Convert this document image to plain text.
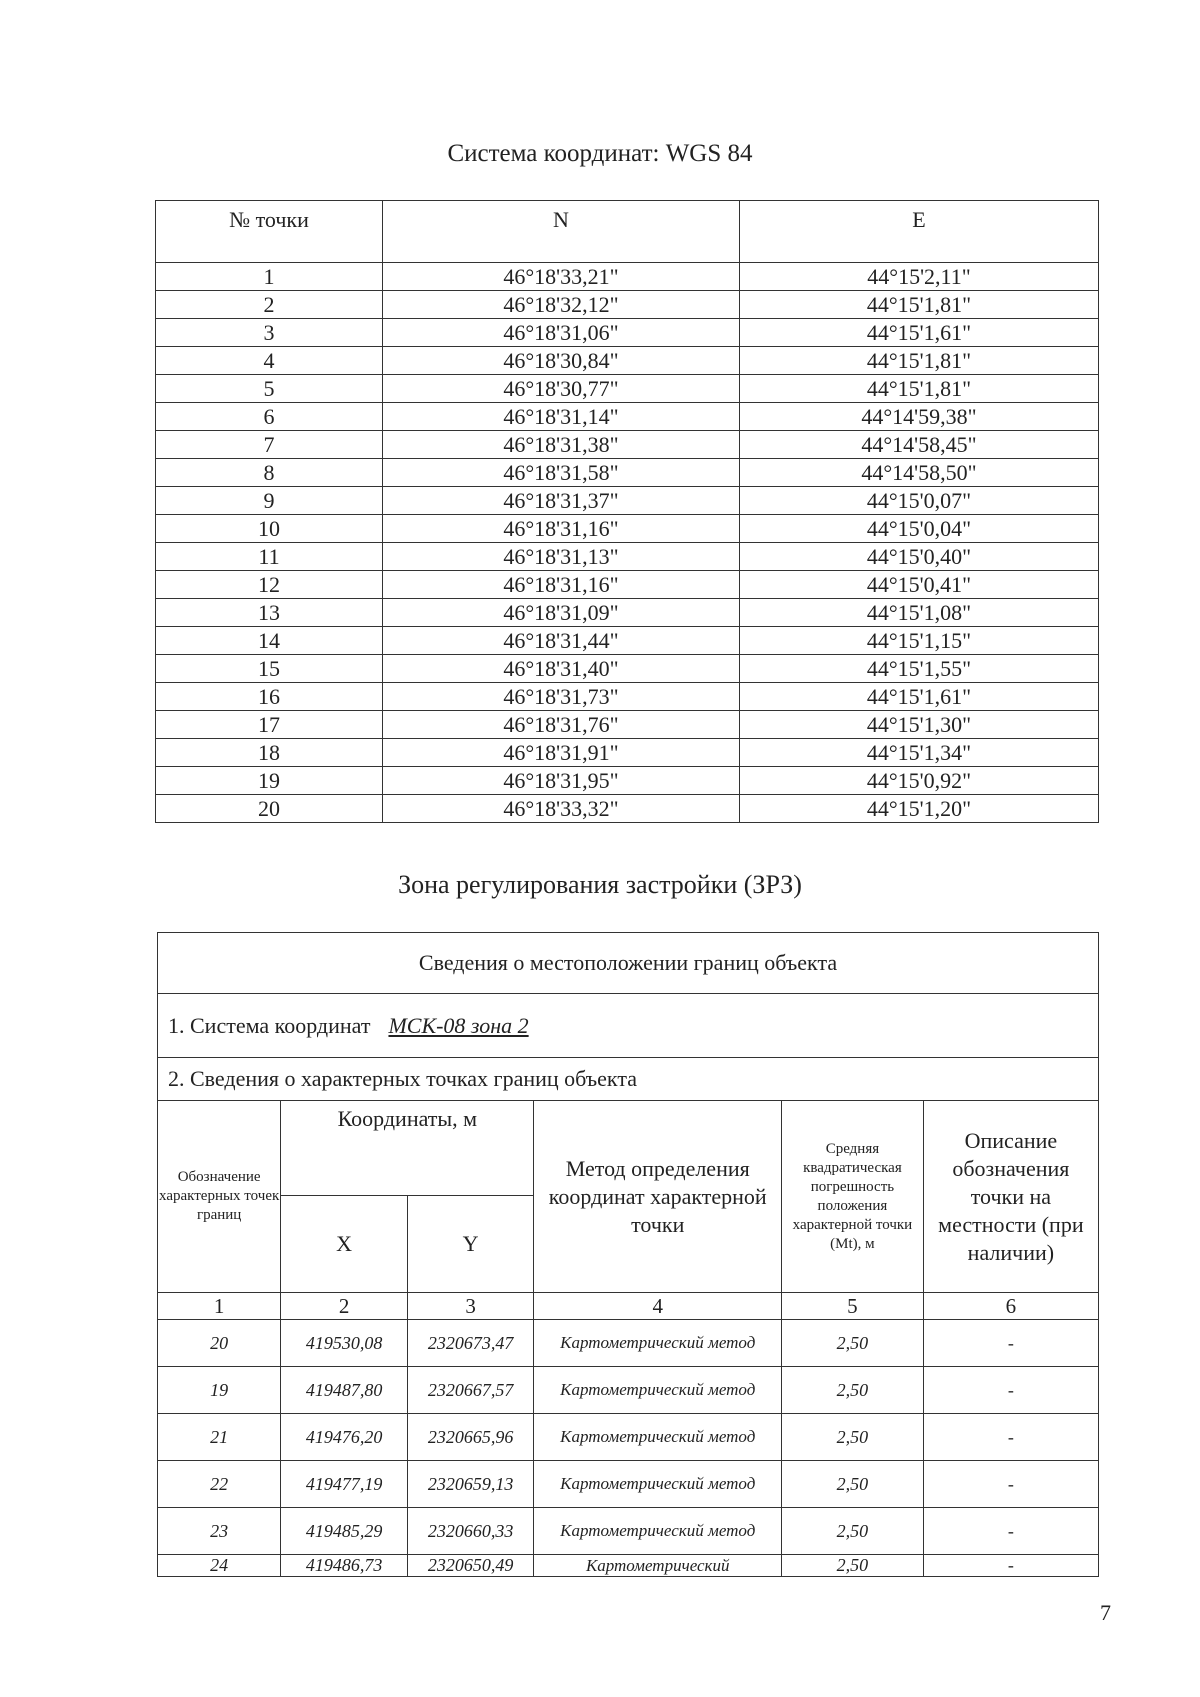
Система координат: WGS 84
№ точки	N	E
1	46°18'33,21"	44°15'2,11"
2	46°18'32,12"	44°15'1,81"
3	46°18'31,06"	44°15'1,61"
4	46°18'30,84"	44°15'1,81"
5	46°18'30,77"	44°15'1,81"
6	46°18'31,14"	44°14'59,38"
7	46°18'31,38"	44°14'58,45"
8	46°18'31,58"	44°14'58,50"
9	46°18'31,37"	44°15'0,07"
10	46°18'31,16"	44°15'0,04"
11	46°18'31,13"	44°15'0,40"
12	46°18'31,16"	44°15'0,41"
13	46°18'31,09"	44°15'1,08"
14	46°18'31,44"	44°15'1,15"
15	46°18'31,40"	44°15'1,55"
16	46°18'31,73"	44°15'1,61"
17	46°18'31,76"	44°15'1,30"
18	46°18'31,91"	44°15'1,34"
19	46°18'31,95"	44°15'0,92"
20	46°18'33,32"	44°15'1,20"
Зона регулирования застройки (ЗРЗ)
Сведения о местоположении границ объекта					
1. Система координат МСК-08 зона 2					
2. Сведения о характерных точках границ объекта					
Обозначение характерных точек границ	Координаты, м		Метод определения координат характерной точки	Средняя квадратическая погрешность положения характерной точки (Mt), м	Описание обозначения точки на местности (при наличии)
	X	Y			
1	2	3	4	5	6
20	419530,08	2320673,47	Картометрический метод	2,50	-
19	419487,80	2320667,57	Картометрический метод	2,50	-
21	419476,20	2320665,96	Картометрический метод	2,50	-
22	419477,19	2320659,13	Картометрический метод	2,50	-
23	419485,29	2320660,33	Картометрический метод	2,50	-
24	419486,73	2320650,49	Картометрический	2,50	-
7
